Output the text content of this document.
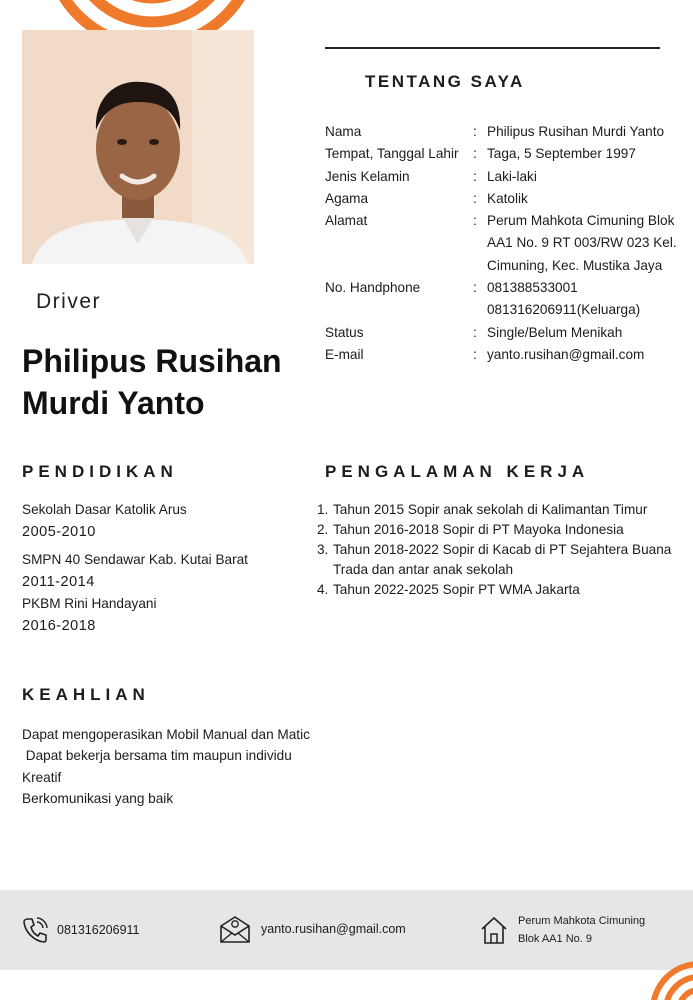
Driver
Philipus Rusihan Murdi Yanto
TENTANG SAYA
Nama	: Philipus Rusihan Murdi Yanto
Tempat, Tanggal Lahir	: Taga, 5 September 1997
Jenis Kelamin	: Laki-laki
Agama	: Katolik
Alamat	: Perum Mahkota Cimuning Blok AA1 No. 9 RT 003/RW 023 Kel. Cimuning, Kec. Mustika Jaya
No. Handphone	: 081388533001 081316206911(Keluarga)
Status	: Single/Belum Menikah
E-mail	: yanto.rusihan@gmail.com
PENDIDIKAN
Sekolah Dasar Katolik Arus
2005-2010
SMPN 40 Sendawar Kab. Kutai Barat
2011-2014
PKBM Rini Handayani
2016-2018
PENGALAMAN KERJA
1. Tahun 2015 Sopir anak sekolah di Kalimantan Timur
2. Tahun 2016-2018 Sopir di PT Mayoka Indonesia
3. Tahun 2018-2022 Sopir di Kacab di PT Sejahtera Buana Trada dan antar anak sekolah
4. Tahun 2022-2025 Sopir PT WMA Jakarta
KEAHLIAN
Dapat mengoperasikan Mobil Manual dan Matic
Dapat bekerja bersama tim maupun individu
Kreatif
Berkomunikasi yang baik
081316206911	yanto.rusihan@gmail.com
Perum Mahkota Cimuning
Blok AA1 No. 9
